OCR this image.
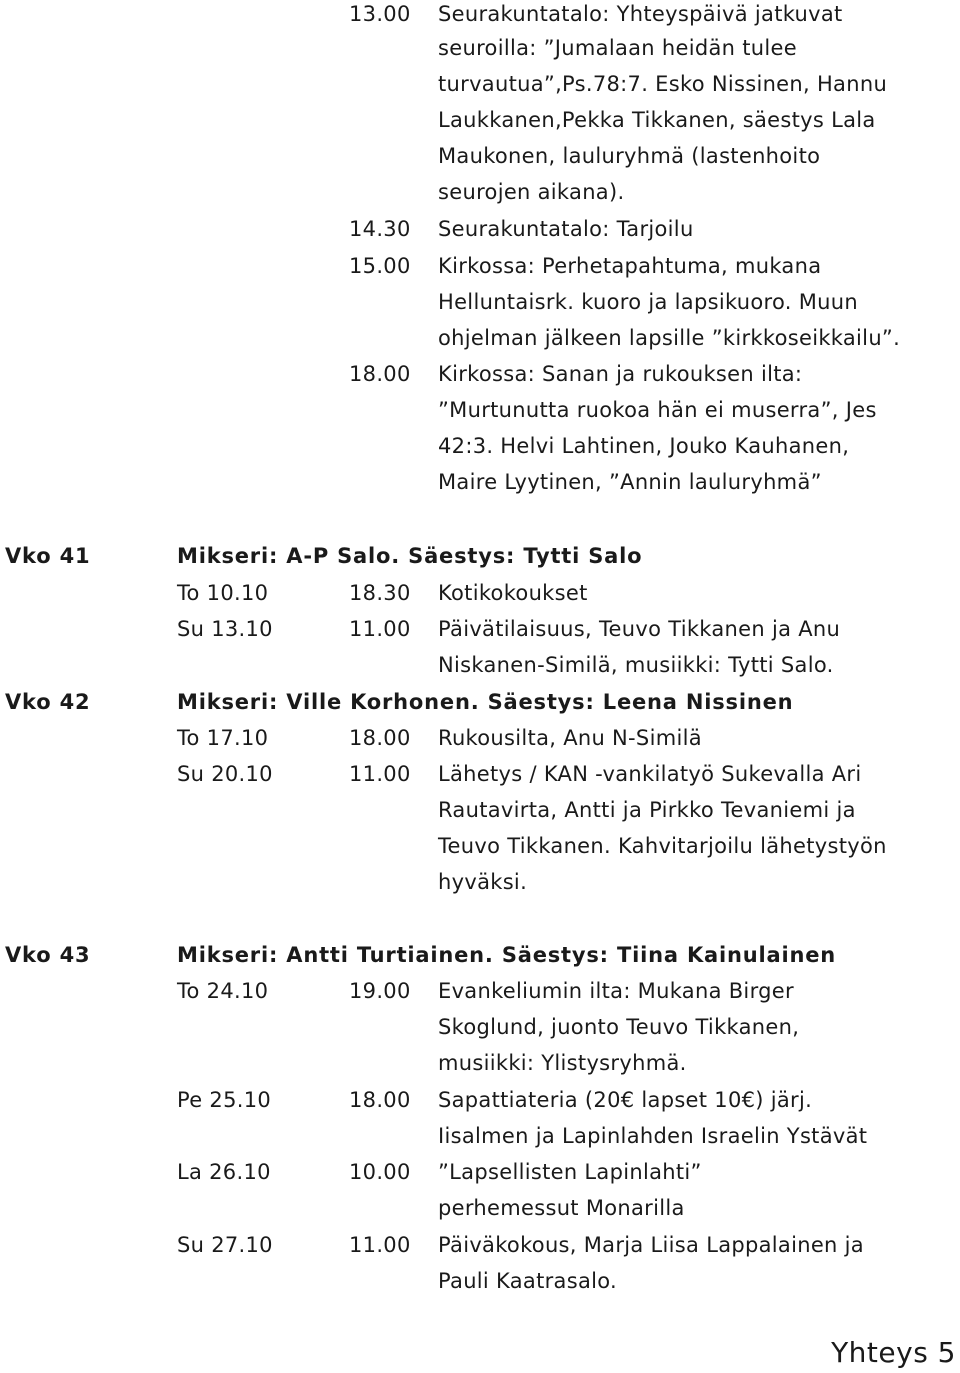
13.00 Seurakuntatalo: Yhteyspäivä jatkuvat
seuroilla: ”Jumalaan heidän tulee
turvautua”,Ps.78:7. Esko Nissinen, Hannu
Laukkanen,Pekka Tikkanen, säestys Lala
Maukonen, lauluryhmä (lastenhoito
seurojen aikana).
14.30 Seurakuntatalo: Tarjoilu
15.00 Kirkossa: Perhetapahtuma, mukana
Helluntaisrk. kuoro ja lapsikuoro. Muun
ohjelman jälkeen lapsille ”kirkkoseikkailu”.
18.00 Kirkossa: Sanan ja rukouksen ilta:
”Murtunutta ruokoa hän ei muserra”, Jes
42:3. Helvi Lahtinen, Jouko Kauhanen,
Maire Lyytinen, ”Annin lauluryhmä”
Vko 41	Mikseri: A-P Salo. Säestys: Tytti Salo
To 10.10	18.30 Kotikokoukset
Su 13.10	11.00 Päivätilaisuus, Teuvo Tikkanen ja Anu
Niskanen-Similä, musiikki: Tytti Salo.
Vko 42	Mikseri: Ville Korhonen. Säestys: Leena Nissinen
To 17.10	18.00 Rukousilta, Anu N-Similä
Su 20.10	11.00 Lähetys / KAN -vankilatyö Sukevalla Ari
Rautavirta, Antti ja Pirkko Tevaniemi ja
Teuvo Tikkanen. Kahvitarjoilu lähetystyön
hyväksi.
Vko 43	Mikseri: Antti Turtiainen. Säestys: Tiina Kainulainen
To 24.10	19.00 Evankeliumin ilta: Mukana Birger
Skoglund, juonto Teuvo Tikkanen,
musiikki: Ylistysryhmä.
Pe 25.10	18.00 Sapattiateria (20€ lapset 10€) järj.
Iisalmen ja Lapinlahden Israelin Ystävät
La 26.10	10.00 ”Lapsellisten Lapinlahti”
perhemessut Monarilla
Su 27.10	11.00 Päiväkokous, Marja Liisa Lappalainen ja
Pauli Kaatrasalo.
Yhteys 5
